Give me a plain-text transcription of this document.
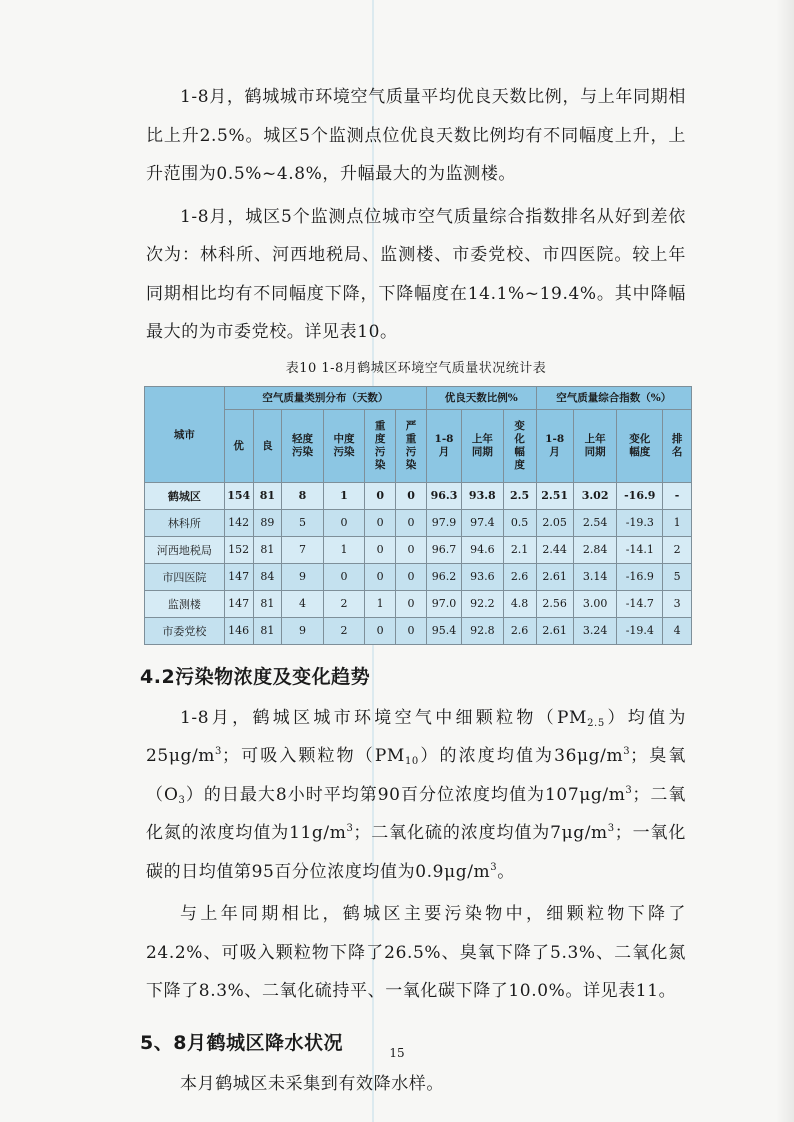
1-8月，鹤城城市环境空气质量平均优良天数比例，与上年同期相比上升2.5%。城区5个监测点位优良天数比例均有不同幅度上升，上升范围为0.5%~4.8%，升幅最大的为监测楼。

1-8月，城区5个监测点位城市空气质量综合指数排名从好到差依次为：林科所、河西地税局、监测楼、市委党校、市四医院。较上年同期相比均有不同幅度下降，下降幅度在14.1%~19.4%。其中降幅最大的为市委党校。详见表10。

表10 1-8月鹤城区环境空气质量状况统计表
城市	空气质量类别分布（天数）						优良天数比例%			空气质量综合指数（%）			
	优	良	轻度污染	中度污染	重度污染	严重污染	1-8月	上年同期	变化幅度	1-8月	上年同期	变化幅度	排名
鹤城区	154	81	8	1	0	0	96.3	93.8	2.5	2.51	3.02	-16.9	-
林科所	142	89	5	0	0	0	97.9	97.4	0.5	2.05	2.54	-19.3	1
河西地税局	152	81	7	1	0	0	96.7	94.6	2.1	2.44	2.84	-14.1	2
市四医院	147	84	9	0	0	0	96.2	93.6	2.6	2.61	3.14	-16.9	5
监测楼	147	81	4	2	1	0	97.0	92.2	4.8	2.56	3.00	-14.7	3
市委党校	146	81	9	2	0	0	95.4	92.8	2.6	2.61	3.24	-19.4	4
4.2污染物浓度及变化趋势

1-8月，鹤城区城市环境空气中细颗粒物$(PM_{2.5})$均值为$25\mu g/m^3$；可吸入颗粒物$(PM_{10})$的浓度均值为$36\mu g/m^3$；臭氧$(O_3)$的日最大8小时平均第90百分位浓度均值为$107\mu g/m^3$；二氧化氮的浓度均值为$11g/m^3$；二氧化硫的浓度均值为$7\mu g/m^3$；一氧化碳的日均值第95百分位浓度均值为$0.9\mu g/m^3$。

与上年同期相比，鹤城区主要污染物中，细颗粒物下降了24.2%、可吸入颗粒物下降了26.5%、臭氧下降了5.3%、二氧化氮下降了8.3%、二氧化硫持平、一氧化碳下降了10.0%。详见表11。

5、8月鹤城区降水状况

本月鹤城区未采集到有效降水样。

15
